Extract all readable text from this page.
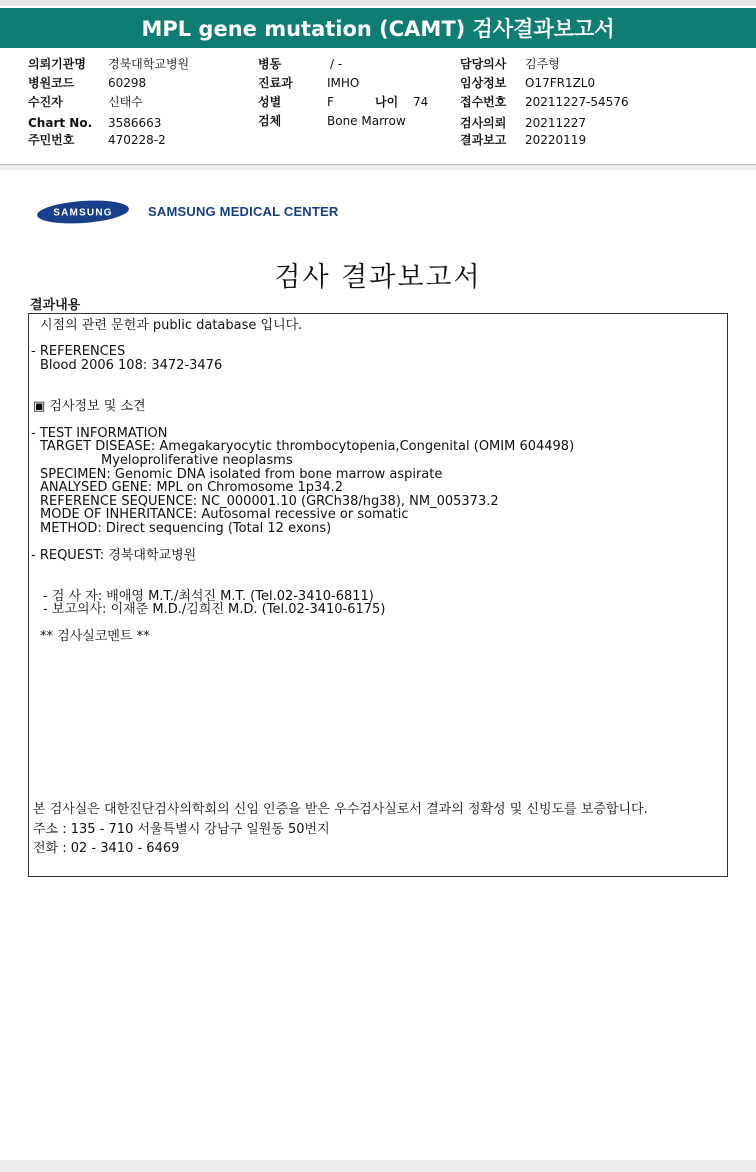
MPL gene mutation (CAMT) 검사결과보고서
의뢰기관명 경북대학교병원
병원코드	60298
수진자	신태수
Chart No. 3586663
주민번호	470228-2
병동	/ -
진료과	IMHO
성별	F	나이 74
검체	Bone Marrow
담당의사 김주형
임상정보 O17FR1ZL0
접수번호 20211227-54576
검사의뢰 20211227
결과보고 20220119
SAMSUNG	SAMSUNG MEDICAL CENTER
검사 결과보고서
결과내용
시점의 관련 문헌과 public database 입니다.
- REFERENCES
Blood 2006 108: 3472-3476
▣ 검사정보 및 소견
- TEST INFORMATION
TARGET DISEASE: Amegakaryocytic thrombocytopenia,Congenital (OMIM 604498)
Myeloproliferative neoplasms
SPECIMEN: Genomic DNA isolated from bone marrow aspirate
ANALYSED GENE: MPL on Chromosome 1p34.2
REFERENCE SEQUENCE: NC_000001.10 (GRCh38/hg38), NM_005373.2
MODE OF INHERITANCE: Autosomal recessive or somatic
METHOD: Direct sequencing (Total 12 exons)
- REQUEST: 경북대학교병원
- 검 사 자: 배애영 M.T./최석진 M.T. (Tel.02-3410-6811)
- 보고의사: 이재준 M.D./김희진 M.D. (Tel.02-3410-6175)
** 검사실코멘트 **
본 검사실은 대한진단검사의학회의 신임 인증을 받은 우수검사실로서 결과의 정확성 및 신빙도를 보증합니다.
주소 : 135 - 710 서울특별시 강남구 일원동 50번지
전화 : 02 - 3410 - 6469
